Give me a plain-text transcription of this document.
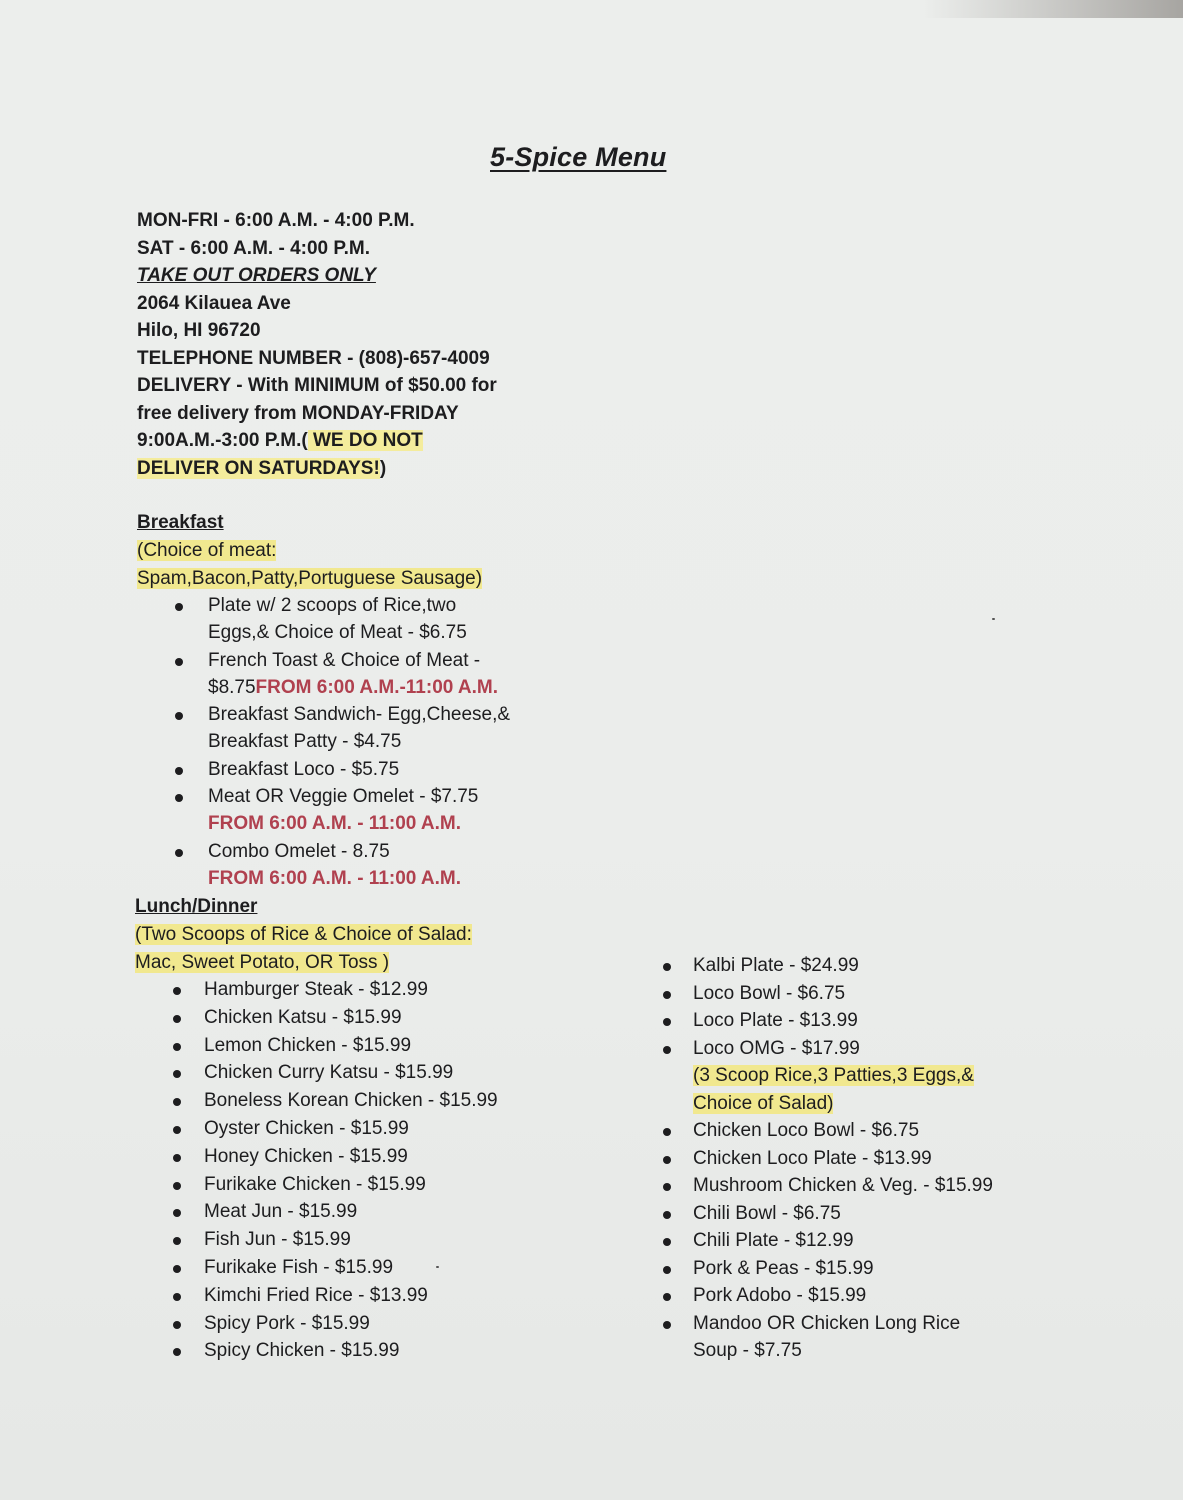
5-Spice Menu
MON-FRI - 6:00 A.M. - 4:00 P.M.
SAT - 6:00 A.M. - 4:00 P.M.
TAKE OUT ORDERS ONLY
2064 Kilauea Ave
Hilo, HI 96720
TELEPHONE NUMBER - (808)-657-4009
DELIVERY - With MINIMUM of $50.00 for
free delivery from MONDAY-FRIDAY
9:00A.M.-3:00 P.M.( WE DO NOT
DELIVER ON SATURDAYS!)
Breakfast
(Choice of meat:
Spam,Bacon,Patty,Portuguese Sausage)
Plate w/ 2 scoops of Rice,two
Eggs,& Choice of Meat - $6.75
French Toast & Choice of Meat -
$8.75FROM 6:00 A.M.-11:00 A.M.
Breakfast Sandwich- Egg,Cheese,&
Breakfast Patty - $4.75
Breakfast Loco - $5.75
Meat OR Veggie Omelet - $7.75
FROM 6:00 A.M. - 11:00 A.M.
Combo Omelet - 8.75
FROM 6:00 A.M. - 11:00 A.M.
Lunch/Dinner
(Two Scoops of Rice & Choice of Salad:
Mac, Sweet Potato, OR Toss )
Hamburger Steak - $12.99
Chicken Katsu - $15.99
Lemon Chicken - $15.99
Chicken Curry Katsu - $15.99
Boneless Korean Chicken - $15.99
Oyster Chicken - $15.99
Honey Chicken - $15.99
Furikake Chicken - $15.99
Meat Jun - $15.99
Fish Jun - $15.99
Furikake Fish - $15.99
Kimchi Fried Rice - $13.99
Spicy Pork - $15.99
Spicy Chicken - $15.99
Kalbi Plate - $24.99
Loco Bowl - $6.75
Loco Plate - $13.99
Loco OMG - $17.99
(3 Scoop Rice,3 Patties,3 Eggs,&
Choice of Salad)
Chicken Loco Bowl - $6.75
Chicken Loco Plate - $13.99
Mushroom Chicken & Veg. - $15.99
Chili Bowl - $6.75
Chili Plate - $12.99
Pork & Peas - $15.99
Pork Adobo - $15.99
Mandoo OR Chicken Long Rice
Soup - $7.75
